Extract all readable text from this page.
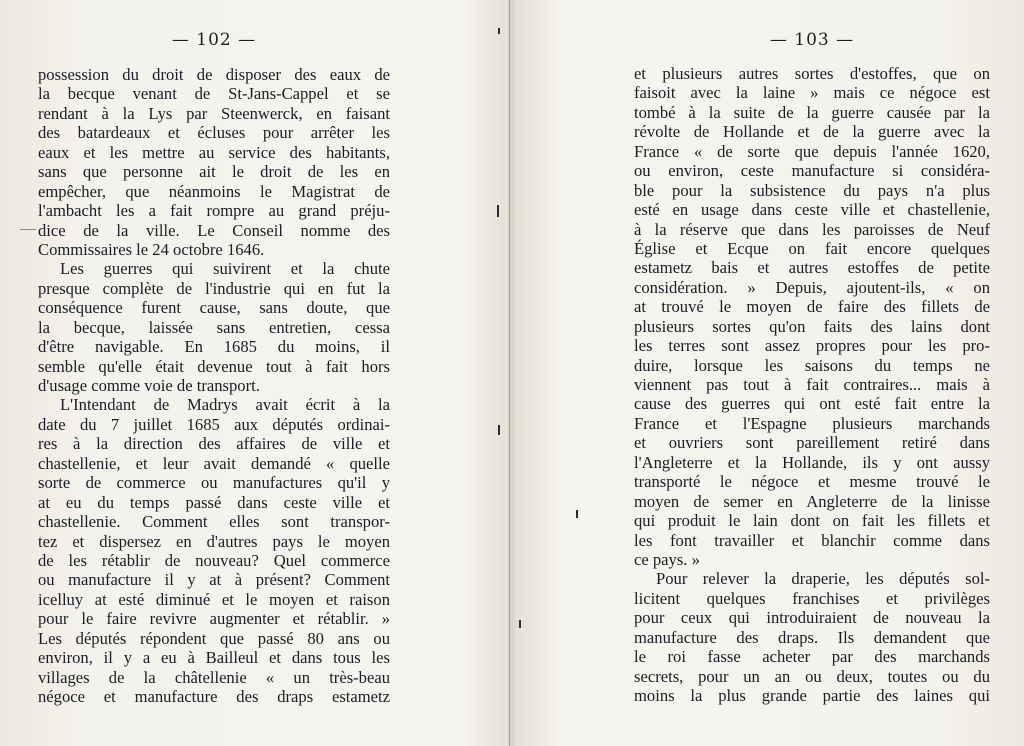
— 102 —
possession du droit de disposer des eaux de
la becque venant de St-Jans-Cappel et se
rendant à la Lys par Steenwerck, en faisant
des batardeaux et écluses pour arrêter les
eaux et les mettre au service des habitants,
sans que personne ait le droit de les en
empêcher, que néanmoins le Magistrat de
l'ambacht les a fait rompre au grand préju-
dice de la ville. Le Conseil nomme des
Commissaires le 24 octobre 1646.
Les guerres qui suivirent et la chute
presque complète de l'industrie qui en fut la
conséquence furent cause, sans doute, que
la becque, laissée sans entretien, cessa
d'être navigable. En 1685 du moins, il
semble qu'elle était devenue tout à fait hors
d'usage comme voie de transport.
L'Intendant de Madrys avait écrit à la
date du 7 juillet 1685 aux députés ordinai-
res à la direction des affaires de ville et
chastellenie, et leur avait demandé « quelle
sorte de commerce ou manufactures qu'il y
at eu du temps passé dans ceste ville et
chastellenie. Comment elles sont transpor-
tez et dispersez en d'autres pays le moyen
de les rétablir de nouveau? Quel commerce
ou manufacture il y at à présent? Comment
icelluy at esté diminué et le moyen et raison
pour le faire revivre augmenter et rétablir. »
Les députés répondent que passé 80 ans ou
environ, il y a eu à Bailleul et dans tous les
villages de la châtellenie « un très-beau
négoce et manufacture des draps estametz
— 103 —
et plusieurs autres sortes d'estoffes, que on
faisoit avec la laine » mais ce négoce est
tombé à la suite de la guerre causée par la
révolte de Hollande et de la guerre avec la
France « de sorte que depuis l'année 1620,
ou environ, ceste manufacture si considéra-
ble pour la subsistence du pays n'a plus
esté en usage dans ceste ville et chastellenie,
à la réserve que dans les paroisses de Neuf
Église et Ecque on fait encore quelques
estametz bais et autres estoffes de petite
considération. » Depuis, ajoutent-ils, « on
at trouvé le moyen de faire des fillets de
plusieurs sortes qu'on faits des lains dont
les terres sont assez propres pour les pro-
duire, lorsque les saisons du temps ne
viennent pas tout à fait contraires... mais à
cause des guerres qui ont esté fait entre la
France et l'Espagne plusieurs marchands
et ouvriers sont pareillement retiré dans
l'Angleterre et la Hollande, ils y ont aussy
transporté le négoce et mesme trouvé le
moyen de semer en Angleterre de la linisse
qui produit le lain dont on fait les fillets et
les font travailler et blanchir comme dans
ce pays. »
Pour relever la draperie, les députés sol-
licitent quelques franchises et privilèges
pour ceux qui introduiraient de nouveau la
manufacture des draps. Ils demandent que
le roi fasse acheter par des marchands
secrets, pour un an ou deux, toutes ou du
moins la plus grande partie des laines qui
